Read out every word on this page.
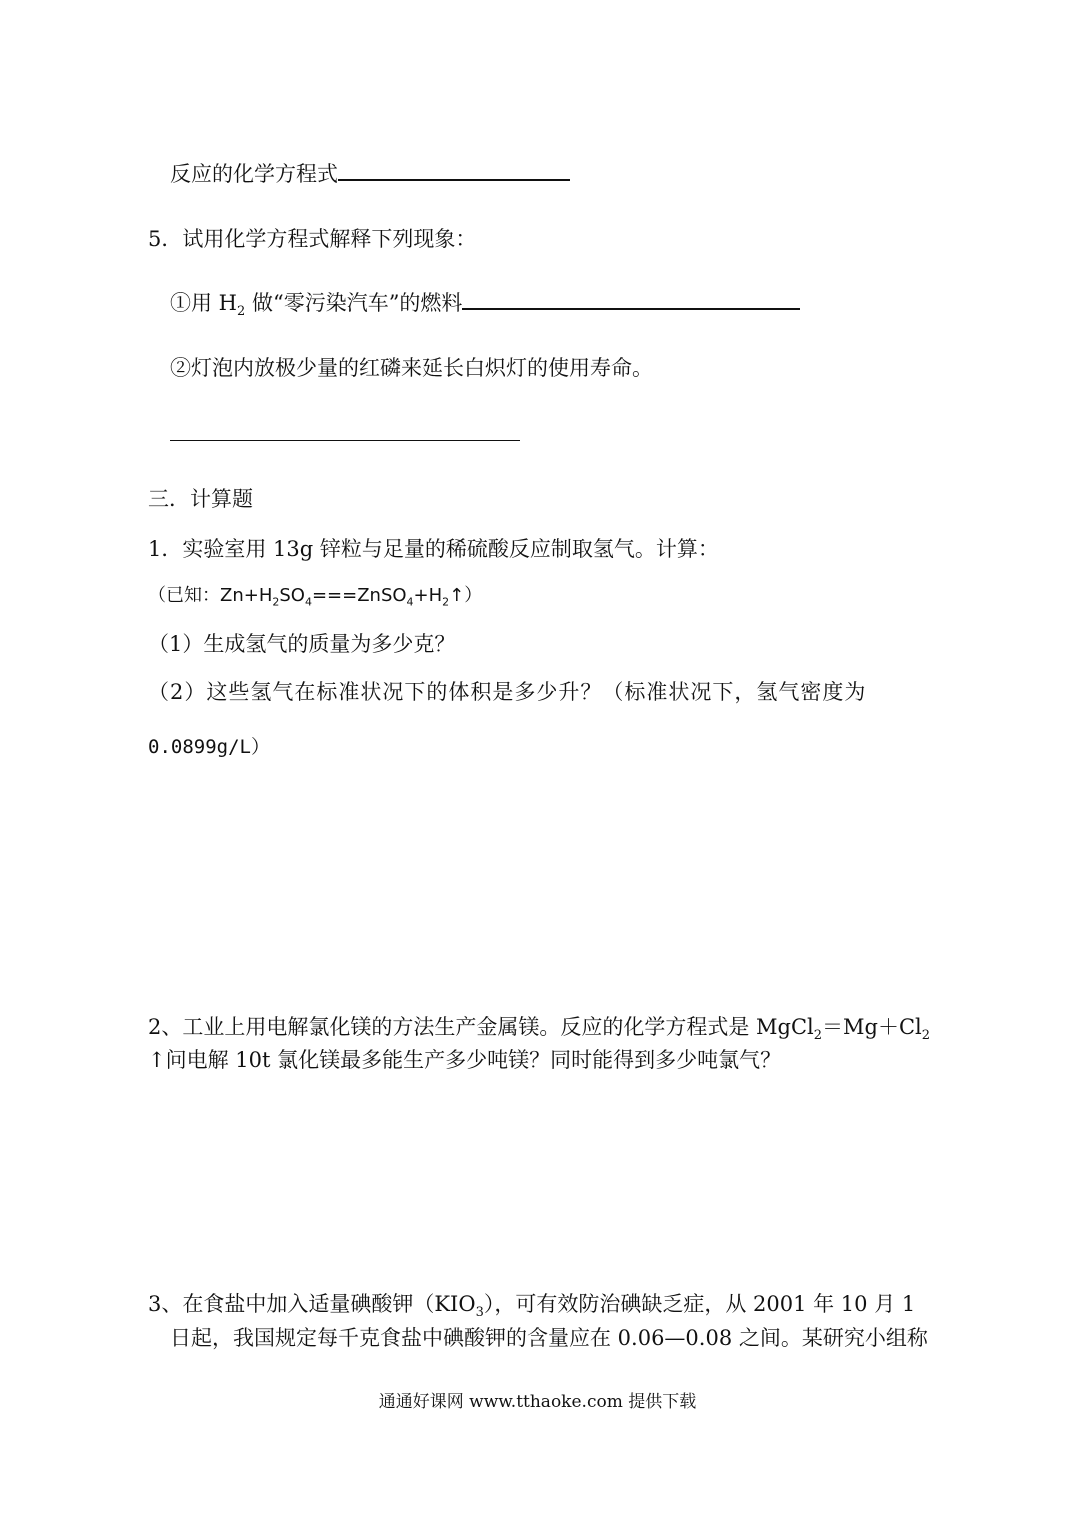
反应的化学方程式
5．试用化学方程式解释下列现象：
①用 $H_2$ 做“零污染汽车”的燃料
②灯泡内放极少量的红磷来延长白炽灯的使用寿命。
三．计算题
1．实验室用 13g 锌粒与足量的稀硫酸反应制取氢气。计算：
（已知：$Zn+H_2SO_4===ZnSO_4+H_2↑$）
（1）生成氢气的质量为多少克？
（2）这些氢气在标准状况下的体积是多少升？（标准状况下，氢气密度为
0.0899g/L）
2、工业上用电解氯化镁的方法生产金属镁。反应的化学方程式是 $MgCl_2=Mg+Cl_2$
↑问电解 10t 氯化镁最多能生产多少吨镁？同时能得到多少吨氯气？
3、在食盐中加入适量碘酸钾$(KIO_3)$，可有效防治碘缺乏症，从 2001 年 10 月 1
日起，我国规定每千克食盐中碘酸钾的含量应在 0.06—0.08 之间。某研究小组称
通通好课网 www.tthaoke.com 提供下载
